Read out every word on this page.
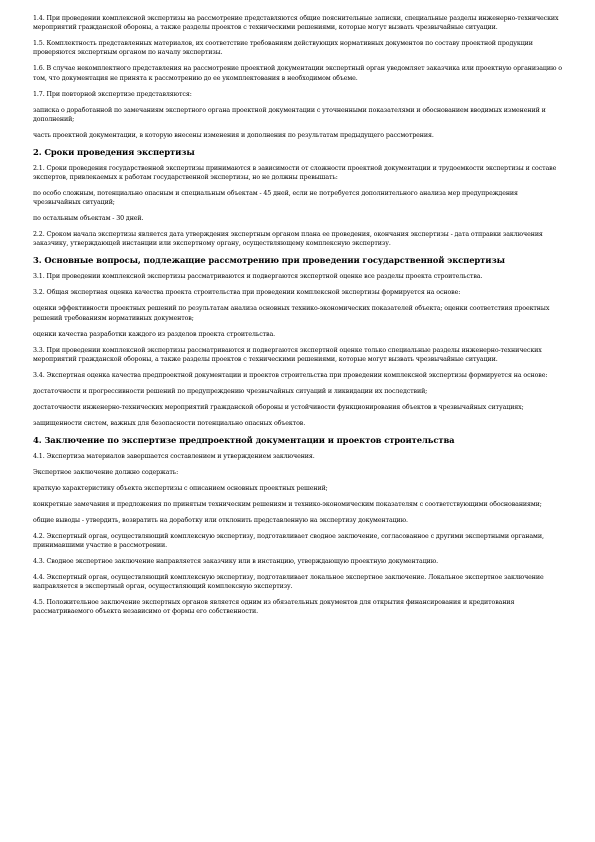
1.4. При проведении комплексной экспертизы на рассмотрение представляются общие пояснительные записки, специальные разделы инженерно-технических мероприятий гражданской обороны, а также разделы проектов с техническими решениями, которые могут вызвать чрезвычайные ситуации.

1.5. Комплектность представленных материалов, их соответствие требованиям действующих нормативных документов по составу проектной продукции проверяются экспертным органом по началу экспертизы.

1.6. В случае некомплектного представления на рассмотрение проектной документации экспертный орган уведомляет заказчика или проектную организацию о том, что документация не принята к рассмотрению до ее укомплектования в необходимом объеме.

1.7. При повторной экспертизе представляются:

записка о доработанной по замечаниям экспертного органа проектной документации с уточненными показателями и обоснованием вводимых изменений и дополнений;

часть проектной документации, в которую внесены изменения и дополнения по результатам предыдущего рассмотрения.

2. Сроки проведения экспертизы

2.1. Сроки проведения государственной экспертизы принимаются в зависимости от сложности проектной документации и трудоемкости экспертизы и составе экспертов, привлекаемых к работам государственной экспертизы, но не должны превышать:

по особо сложным, потенциально опасным и специальным объектам - 45 дней, если не потребуется дополнительного анализа мер предупреждения чрезвычайных ситуаций;

по остальным объектам - 30 дней.

2.2. Сроком начала экспертизы является дата утверждения экспертным органом плана ее проведения, окончания экспертизы - дата отправки заключения заказчику, утверждающей инстанции или экспертному органу, осуществляющему комплексную экспертизу.

3. Основные вопросы, подлежащие рассмотрению при проведении государственной экспертизы

3.1. При проведении комплексной экспертизы рассматриваются и подвергаются экспертной оценке все разделы проекта строительства.

3.2. Общая экспертная оценка качества проекта строительства при проведении комплексной экспертизы формируется на основе:

оценки эффективности проектных решений по результатам анализа основных технико-экономических показателей объекта; оценки соответствия проектных решений требованиям нормативных документов;

оценки качества разработки каждого из разделов проекта строительства.

3.3. При проведении комплексной экспертизы рассматриваются и подвергаются экспертной оценке только специальные разделы инженерно-технических мероприятий гражданской обороны, а также разделы проектов с техническими решениями, которые могут вызвать чрезвычайные ситуации.

3.4. Экспертная оценка качества предпроектной документации и проектов строительства при проведении комплексной экспертизы формируется на основе:

достаточности и прогрессивности решений по предупреждению чрезвычайных ситуаций и ликвидации их последствий;

достаточности инженерно-технических мероприятий гражданской обороны и устойчивости функционирования объектов в чрезвычайных ситуациях;

защищенности систем, важных для безопасности потенциально опасных объектов.

4. Заключение по экспертизе предпроектной документации и проектов строительства

4.1. Экспертиза материалов завершается составлением и утверждением заключения.

Экспертное заключение должно содержать:

краткую характеристику объекта экспертизы с описанием основных проектных решений;

конкретные замечания и предложения по принятым техническим решениям и технико-экономическим показателям с соответствующими обоснованиями;

общие выводы - утвердить, возвратить на доработку или отклонить представленную на экспертизу документацию.

4.2. Экспертный орган, осуществляющий комплексную экспертизу, подготавливает сводное заключение, согласованное с другими экспертными органами, принимавшими участие в рассмотрении.

4.3. Сводное экспертное заключение направляется заказчику или в инстанцию, утверждающую проектную документацию.

4.4. Экспертный орган, осуществляющий комплексную экспертизу, подготавливает локальное экспертное заключение. Локальное экспертное заключение направляется в экспертный орган, осуществляющий комплексную экспертизу.

4.5. Положительное заключение экспертных органов является одним из обязательных документов для открытия финансирования и кредитования рассматриваемого объекта независимо от формы его собственности.
